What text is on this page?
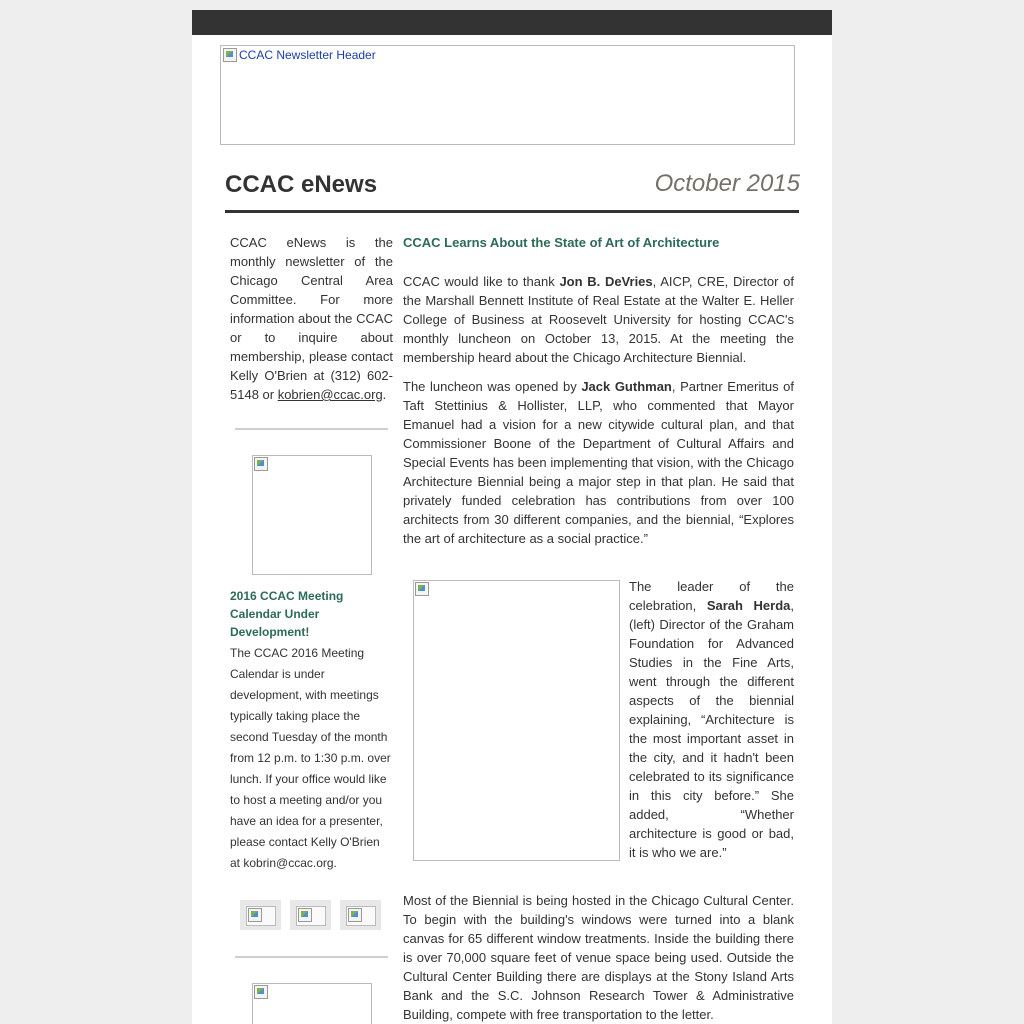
CCAC Newsletter Header
CCAC eNews	October 2015

CCAC eNews is the monthly newsletter of the Chicago Central Area Committee. For more information about the CCAC or to inquire about membership, please contact Kelly O'Brien at (312) 602-5148 or kobrien@ccac.org.

2016 CCAC Meeting Calendar Under Development!
The CCAC 2016 Meeting Calendar is under development, with meetings typically taking place the second Tuesday of the month from 12 p.m. to 1:30 p.m. over lunch. If your office would like to host a meeting and/or you have an idea for a presenter, please contact Kelly O'Brien at kobrin@ccac.org.
CCAC Learns About the State of Art of Architecture

CCAC would like to thank Jon B. DeVries, AICP, CRE, Director of the Marshall Bennett Institute of Real Estate at the Walter E. Heller College of Business at Roosevelt University for hosting CCAC's monthly luncheon on October 13, 2015. At the meeting the membership heard about the Chicago Architecture Biennial.

The luncheon was opened by Jack Guthman, Partner Emeritus of Taft Stettinius & Hollister, LLP, who commented that Mayor Emanuel had a vision for a new citywide cultural plan, and that Commissioner Boone of the Department of Cultural Affairs and Special Events has been implementing that vision, with the Chicago Architecture Biennial being a major step in that plan. He said that privately funded celebration has contributions from over 100 architects from 30 different companies, and the biennial, “Explores the art of architecture as a social practice.”

The leader of the celebration, Sarah Herda, (left) Director of the Graham Foundation for Advanced Studies in the Fine Arts, went through the different aspects of the biennial explaining, “Architecture is the most important asset in the city, and it hadn't been celebrated to its significance in this city before.” She added, “Whether architecture is good or bad, it is who we are.”

Most of the Biennial is being hosted in the Chicago Cultural Center. To begin with the building's windows were turned into a blank canvas for 65 different window treatments. Inside the building there is over 70,000 square feet of venue space being used. Outside the Cultural Center Building there are displays at the Stony Island Arts Bank and the S.C. Johnson Research Tower & Administrative Building, compete with free transportation to the letter.
